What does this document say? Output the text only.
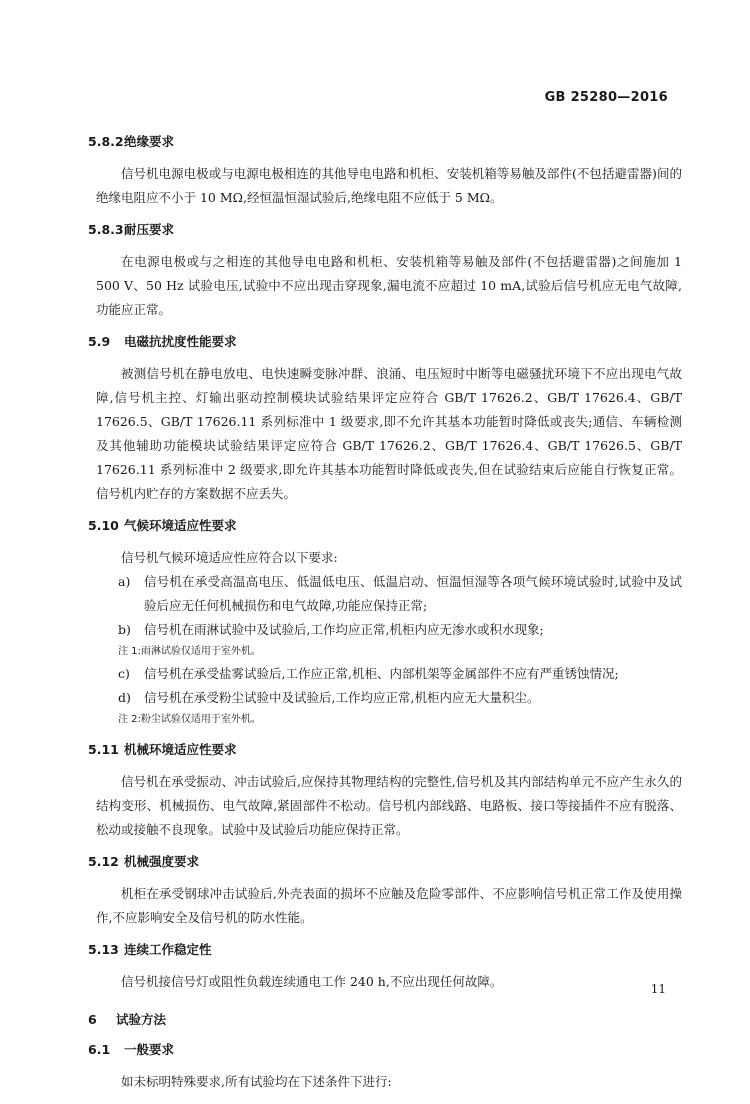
GB 25280—2016
5.8.2绝缘要求

信号机电源电极或与电源电极相连的其他导电电路和机柜、安装机箱等易触及部件(不包括避雷器)间的绝缘电阻应不小于 10 MΩ,经恒温恒湿试验后,绝缘电阻不应低于 5 MΩ。

5.8.3耐压要求

在电源电极或与之相连的其他导电电路和机柜、安装机箱等易触及部件(不包括避雷器)之间施加 1 500 V、50 Hz 试验电压,试验中不应出现击穿现象,漏电流不应超过 10 mA,试验后信号机应无电气故障,功能应正常。

5.9 电磁抗扰度性能要求

被测信号机在静电放电、电快速瞬变脉冲群、浪涌、电压短时中断等电磁骚扰环境下不应出现电气故障,信号机主控、灯输出驱动控制模块试验结果评定应符合 GB/T 17626.2、GB/T 17626.4、GB/T 17626.5、GB/T 17626.11 系列标准中 1 级要求,即不允许其基本功能暂时降低或丧失;通信、车辆检测及其他辅助功能模块试验结果评定应符合 GB/T 17626.2、GB/T 17626.4、GB/T 17626.5、GB/T 17626.11 系列标准中 2 级要求,即允许其基本功能暂时降低或丧失,但在试验结束后应能自行恢复正常。信号机内贮存的方案数据不应丢失。

5.10 气候环境适应性要求

信号机气候环境适应性应符合以下要求:

a)	信号机在承受高温高电压、低温低电压、低温启动、恒温恒湿等各项气候环境试验时,试验中及试验后应无任何机械损伤和电气故障,功能应保持正常;
b)	信号机在雨淋试验中及试验后,工作均应正常,机柜内应无渗水或积水现象;

注 1:雨淋试验仅适用于室外机。

c)	信号机在承受盐雾试验后,工作应正常,机柜、内部机架等金属部件不应有严重锈蚀情况;
d)	信号机在承受粉尘试验中及试验后,工作均应正常,机柜内应无大量积尘。

注 2:粉尘试验仅适用于室外机。

5.11 机械环境适应性要求

信号机在承受振动、冲击试验后,应保持其物理结构的完整性,信号机及其内部结构单元不应产生永久的结构变形、机械损伤、电气故障,紧固部件不松动。信号机内部线路、电路板、接口等接插件不应有脱落、松动或接触不良现象。试验中及试验后功能应保持正常。

5.12 机械强度要求

机柜在承受钢球冲击试验后,外壳表面的损坏不应触及危险零部件、不应影响信号机正常工作及使用操作,不应影响安全及信号机的防水性能。

5.13 连续工作稳定性

信号机接信号灯或阻性负载连续通电工作 240 h,不应出现任何故障。

6 试验方法
6.1 一般要求

如未标明特殊要求,所有试验均在下述条件下进行:

11
